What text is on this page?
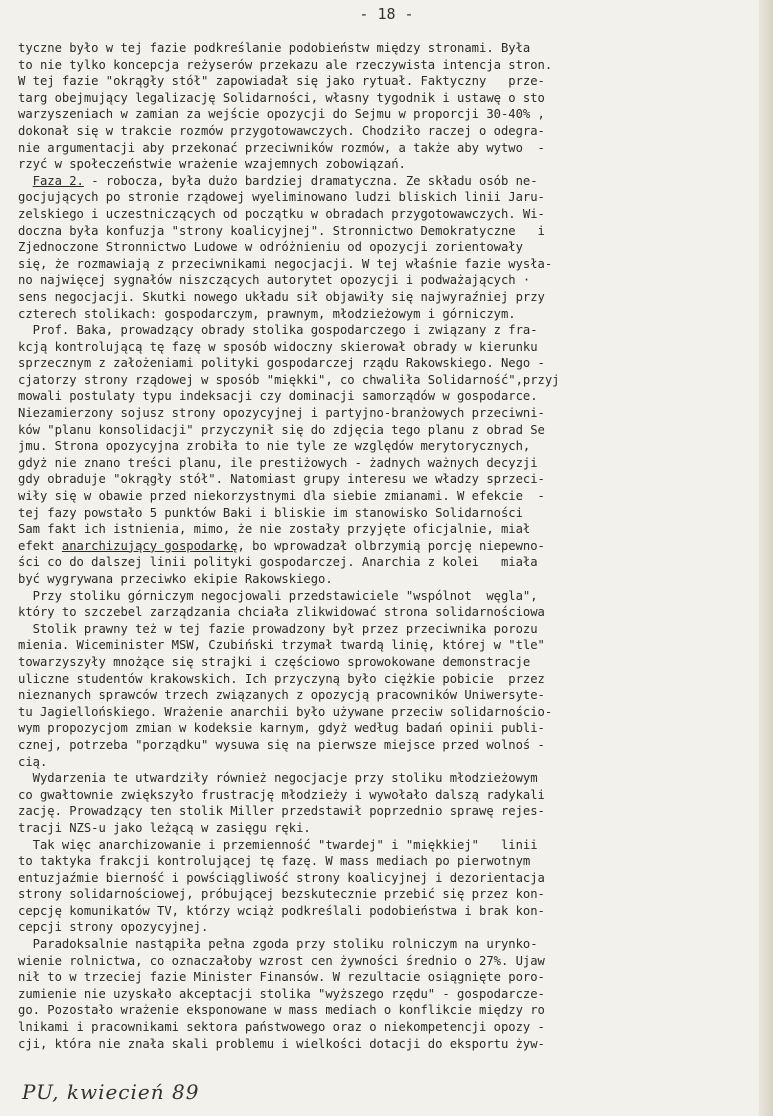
- 18 -
tyczne było w tej fazie podkreślanie podobieństw między stronami. Była
to nie tylko koncepcja reżyserów przekazu ale rzeczywista intencja stron.
W tej fazie "okrągły stół" zapowiadał się jako rytuał. Faktyczny   prze-
targ obejmujący legalizację Solidarności, własny tygodnik i ustawę o sto
warzyszeniach w zamian za wejście opozycji do Sejmu w proporcji 30-40% ,
dokonał się w trakcie rozmów przygotowawczych. Chodziło raczej o odegra-
nie argumentacji aby przekonać przeciwników rozmów, a także aby wytwo  -
rzyć w społeczeństwie wrażenie wzajemnych zobowiązań.
Faza 2. - robocza, była dużo bardziej dramatyczna. Ze składu osób ne-
gocjujących po stronie rządowej wyeliminowano ludzi bliskich linii Jaru-
zelskiego i uczestniczących od początku w obradach przygotowawczych. Wi-
doczna była konfuzja "strony koalicyjnej". Stronnictwo Demokratyczne   i
Zjednoczone Stronnictwo Ludowe w odróżnieniu od opozycji zorientowały
się, że rozmawiają z przeciwnikami negocjacji. W tej właśnie fazie wysła-
no najwięcej sygnałów niszczących autorytet opozycji i podważających ·
sens negocjacji. Skutki nowego układu sił objawiły się najwyraźniej przy
czterech stolikach: gospodarczym, prawnym, młodzieżowym i górniczym.
Prof. Baka, prowadzący obrady stolika gospodarczego i związany z fra-
kcją kontrolującą tę fazę w sposób widoczny skierował obrady w kierunku
sprzecznym z założeniami polityki gospodarczej rządu Rakowskiego. Nego -
cjatorzy strony rządowej w sposób "miękki", co chwaliła Solidarność",przyj
mowali postulaty typu indeksacji czy dominacji samorządów w gospodarce.
Niezamierzony sojusz strony opozycyjnej i partyjno-branżowych przeciwni-
ków "planu konsolidacji" przyczynił się do zdjęcia tego planu z obrad Se
jmu. Strona opozycyjna zrobiła to nie tyle ze względów merytorycznych,
gdyż nie znano treści planu, ile prestiżowych - żadnych ważnych decyzji
gdy obraduje "okrągły stół". Natomiast grupy interesu we władzy sprzeci-
wiły się w obawie przed niekorzystnymi dla siebie zmianami. W efekcie  -
tej fazy powstało 5 punktów Baki i bliskie im stanowisko Solidarności
Sam fakt ich istnienia, mimo, że nie zostały przyjęte oficjalnie, miał
efekt anarchizujący gospodarkę, bo wprowadzał olbrzymią porcję niepewno-
ści co do dalszej linii polityki gospodarczej. Anarchia z kolei   miała
być wygrywana przeciwko ekipie Rakowskiego.
Przy stoliku górniczym negocjowali przedstawiciele "wspólnot  węgla",
który to szczebel zarządzania chciała zlikwidować strona solidarnościowa
Stolik prawny też w tej fazie prowadzony był przez przeciwnika porozu
mienia. Wiceminister MSW, Czubiński trzymał twardą linię, której w "tle"
towarzyszyły mnożące się strajki i częściowo sprowokowane demonstracje
uliczne studentów krakowskich. Ich przyczyną było ciężkie pobicie  przez
nieznanych sprawców trzech związanych z opozycją pracowników Uniwersyte-
tu Jagiellońskiego. Wrażenie anarchii było używane przeciw solidarnościo-
wym propozycjom zmian w kodeksie karnym, gdyż według badań opinii publi-
cznej, potrzeba "porządku" wysuwa się na pierwsze miejsce przed wolnoś -
cią.
Wydarzenia te utwardziły również negocjacje przy stoliku młodzieżowym
co gwałtownie zwiększyło frustrację młodzieży i wywołało dalszą radykali
zację. Prowadzący ten stolik Miller przedstawił poprzednio sprawę rejes-
tracji NZS-u jako leżącą w zasięgu ręki.
Tak więc anarchizowanie i przemienność "twardej" i "miękkiej"   linii
to taktyka frakcji kontrolującej tę fazę. W mass mediach po pierwotnym
entuzjaźmie bierność i powściągliwość strony koalicyjnej i dezorientacja
strony solidarnościowej, próbującej bezskutecznie przebić się przez kon-
cepcję komunikatów TV, którzy wciąż podkreślali podobieństwa i brak kon-
cepcji strony opozycyjnej.
Paradoksalnie nastąpiła pełna zgoda przy stoliku rolniczym na urynko-
wienie rolnictwa, co oznaczałoby wzrost cen żywności średnio o 27%. Ujaw
nił to w trzeciej fazie Minister Finansów. W rezultacie osiągnięte poro-
zumienie nie uzyskało akceptacji stolika "wyższego rzędu" - gospodarcze-
go. Pozostało wrażenie eksponowane w mass mediach o konflikcie między ro
lnikami i pracownikami sektora państwowego oraz o niekompetencji opozy -
cji, która nie znała skali problemu i wielkości dotacji do eksportu żyw-
PU, kwiecień 89
